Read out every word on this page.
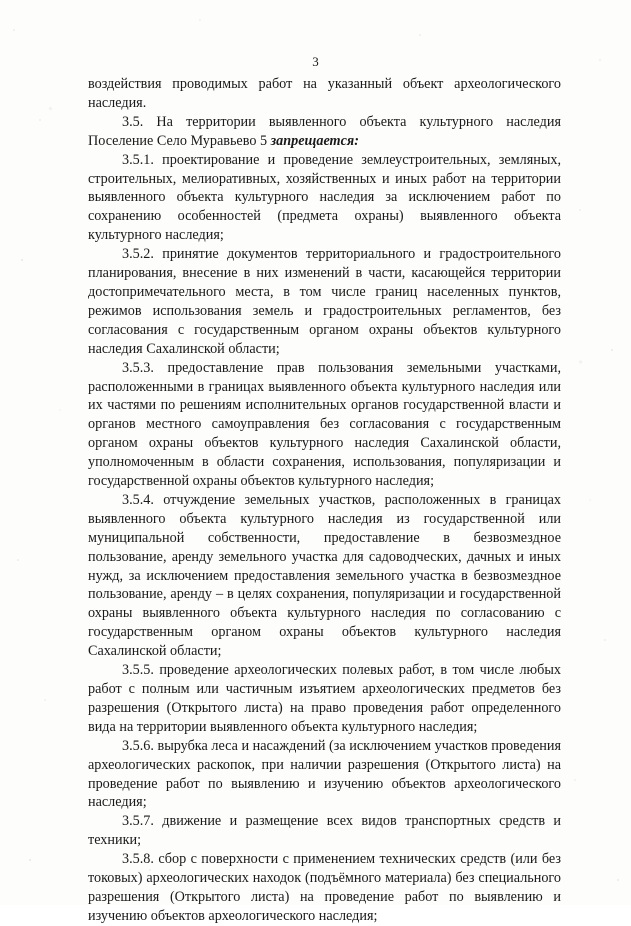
3

воздействия проводимых работ на указанный объект археологического наследия.

3.5. На территории выявленного объекта культурного наследия Поселение Село Муравьево 5 запрещается:

3.5.1. проектирование и проведение землеустроительных, земляных, строительных, мелиоративных, хозяйственных и иных работ на территории выявленного объекта культурного наследия за исключением работ по сохранению особенностей (предмета охраны) выявленного объекта культурного наследия;

3.5.2. принятие документов территориального и градостроительного планирования, внесение в них изменений в части, касающейся территории достопримечательного места, в том числе границ населенных пунктов, режимов использования земель и градостроительных регламентов, без согласования с государственным органом охраны объектов культурного наследия Сахалинской области;

3.5.3. предоставление прав пользования земельными участками, расположенными в границах выявленного объекта культурного наследия или их частями по решениям исполнительных органов государственной власти и органов местного самоуправления без согласования с государственным органом охраны объектов культурного наследия Сахалинской области, уполномоченным в области сохранения, использования, популяризации и государственной охраны объектов культурного наследия;

3.5.4. отчуждение земельных участков, расположенных в границах выявленного объекта культурного наследия из государственной или муниципальной собственности, предоставление в безвозмездное пользование, аренду земельного участка для садоводческих, дачных и иных нужд, за исключением предоставления земельного участка в безвозмездное пользование, аренду – в целях сохранения, популяризации и государственной охраны выявленного объекта культурного наследия по согласованию с государственным органом охраны объектов культурного наследия Сахалинской области;

3.5.5. проведение археологических полевых работ, в том числе любых работ с полным или частичным изъятием археологических предметов без разрешения (Открытого листа) на право проведения работ определенного вида на территории выявленного объекта культурного наследия;

3.5.6. вырубка леса и насаждений (за исключением участков проведения археологических раскопок, при наличии разрешения (Открытого листа) на проведение работ по выявлению и изучению объектов археологического наследия;

3.5.7. движение и размещение всех видов транспортных средств и техники;

3.5.8. сбор с поверхности с применением технических средств (или без токовых) археологических находок (подъёмного материала) без специального разрешения (Открытого листа) на проведение работ по выявлению и изучению объектов археологического наследия;
